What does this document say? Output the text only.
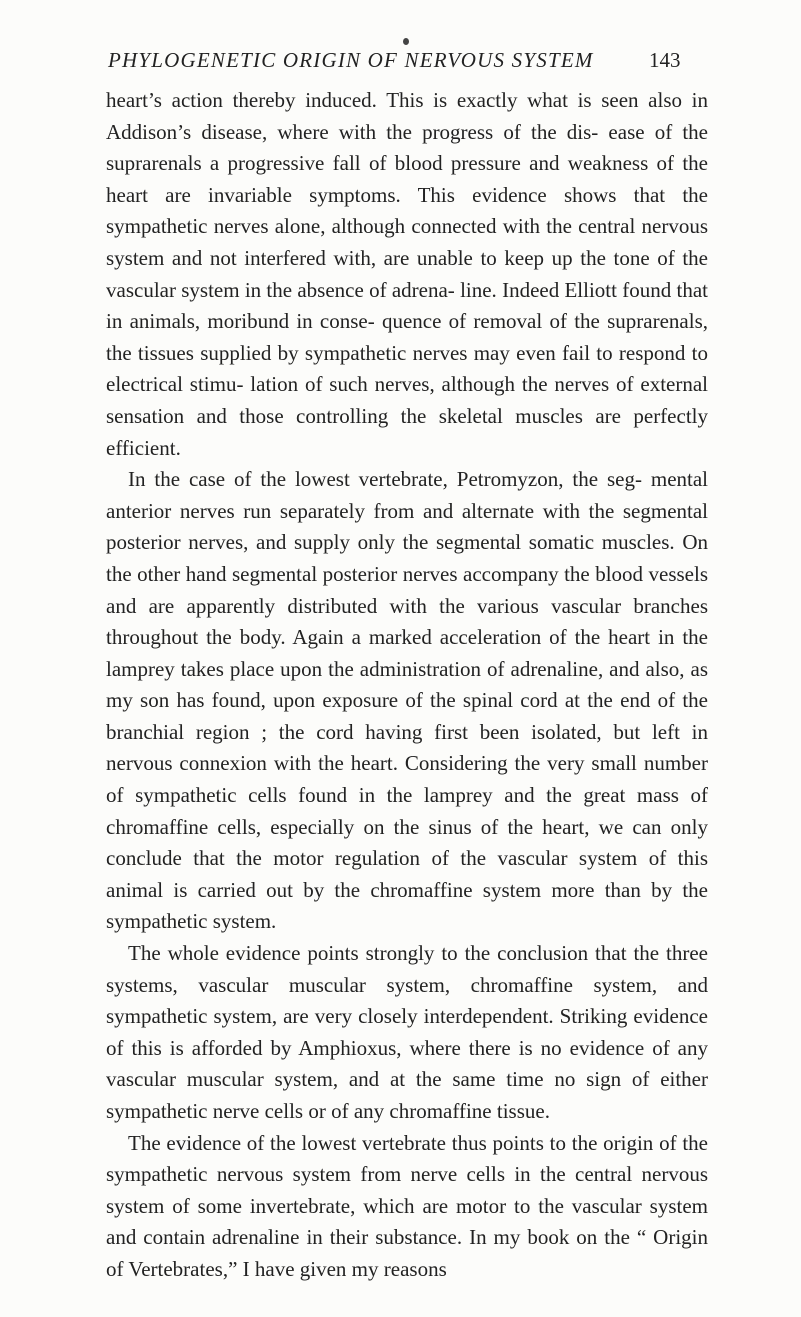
PHYLOGENETIC ORIGIN OF NERVOUS SYSTEM	143

heart’s action thereby induced. This is exactly what is seen also in Addison’s disease, where with the progress of the dis- ease of the suprarenals a progressive fall of blood pressure and weakness of the heart are invariable symptoms. This evidence shows that the sympathetic nerves alone, although connected with the central nervous system and not interfered with, are unable to keep up the tone of the vascular system in the absence of adrena- line. Indeed Elliott found that in animals, moribund in conse- quence of removal of the suprarenals, the tissues supplied by sympathetic nerves may even fail to respond to electrical stimu- lation of such nerves, although the nerves of external sensation and those controlling the skeletal muscles are perfectly efficient.

In the case of the lowest vertebrate, Petromyzon, the seg- mental anterior nerves run separately from and alternate with the segmental posterior nerves, and supply only the segmental somatic muscles. On the other hand segmental posterior nerves accompany the blood vessels and are apparently distributed with the various vascular branches throughout the body. Again a marked acceleration of the heart in the lamprey takes place upon the administration of adrenaline, and also, as my son has found, upon exposure of the spinal cord at the end of the branchial region ; the cord having first been isolated, but left in nervous connexion with the heart. Considering the very small number of sympathetic cells found in the lamprey and the great mass of chromaffine cells, especially on the sinus of the heart, we can only conclude that the motor regulation of the vascular system of this animal is carried out by the chromaffine system more than by the sympathetic system.

The whole evidence points strongly to the conclusion that the three systems, vascular muscular system, chromaffine system, and sympathetic system, are very closely interdependent. Striking evidence of this is afforded by Amphioxus, where there is no evidence of any vascular muscular system, and at the same time no sign of either sympathetic nerve cells or of any chromaffine tissue.

The evidence of the lowest vertebrate thus points to the origin of the sympathetic nervous system from nerve cells in the central nervous system of some invertebrate, which are motor to the vascular system and contain adrenaline in their substance. In my book on the “ Origin of Vertebrates,” I have given my reasons
